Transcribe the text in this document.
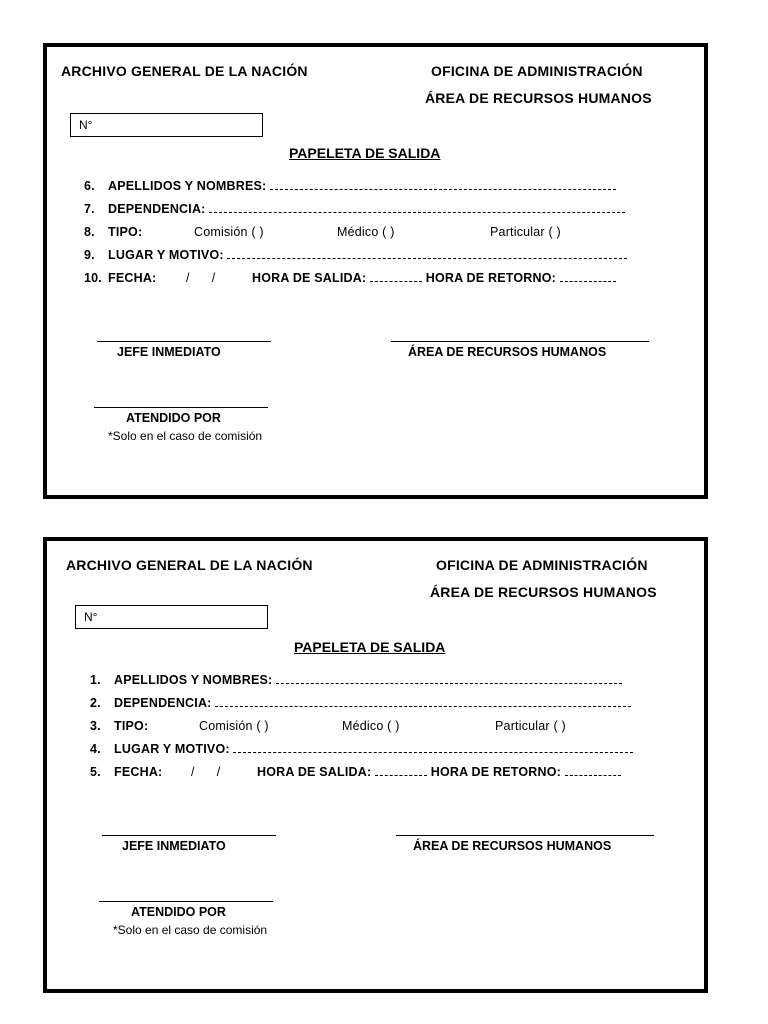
ARCHIVO GENERAL DE LA NACIÓN	OFICINA DE ADMINISTRACIÓN
ÁREA DE RECURSOS HUMANOS
N°
PAPELETA DE SALIDA
6. APELLIDOS Y NOMBRES:
7. DEPENDENCIA:
8. TIPO:	Comisión ( )	Médico ( )	Particular ( )
9. LUGAR Y MOTIVO:
10. FECHA: /      /	HORA DE SALIDA:	HORA DE RETORNO:
JEFE INMEDIATO	ÁREA DE RECURSOS HUMANOS
ATENDIDO POR
*Solo en el caso de comisión
ARCHIVO GENERAL DE LA NACIÓN	OFICINA DE ADMINISTRACIÓN
ÁREA DE RECURSOS HUMANOS
N°
PAPELETA DE SALIDA
1. APELLIDOS Y NOMBRES:
2. DEPENDENCIA:
3. TIPO:	Comisión ( )	Médico ( )	Particular ( )
4. LUGAR Y MOTIVO:
5. FECHA: /      /	HORA DE SALIDA:	HORA DE RETORNO:
JEFE INMEDIATO	ÁREA DE RECURSOS HUMANOS
ATENDIDO POR
*Solo en el caso de comisión
